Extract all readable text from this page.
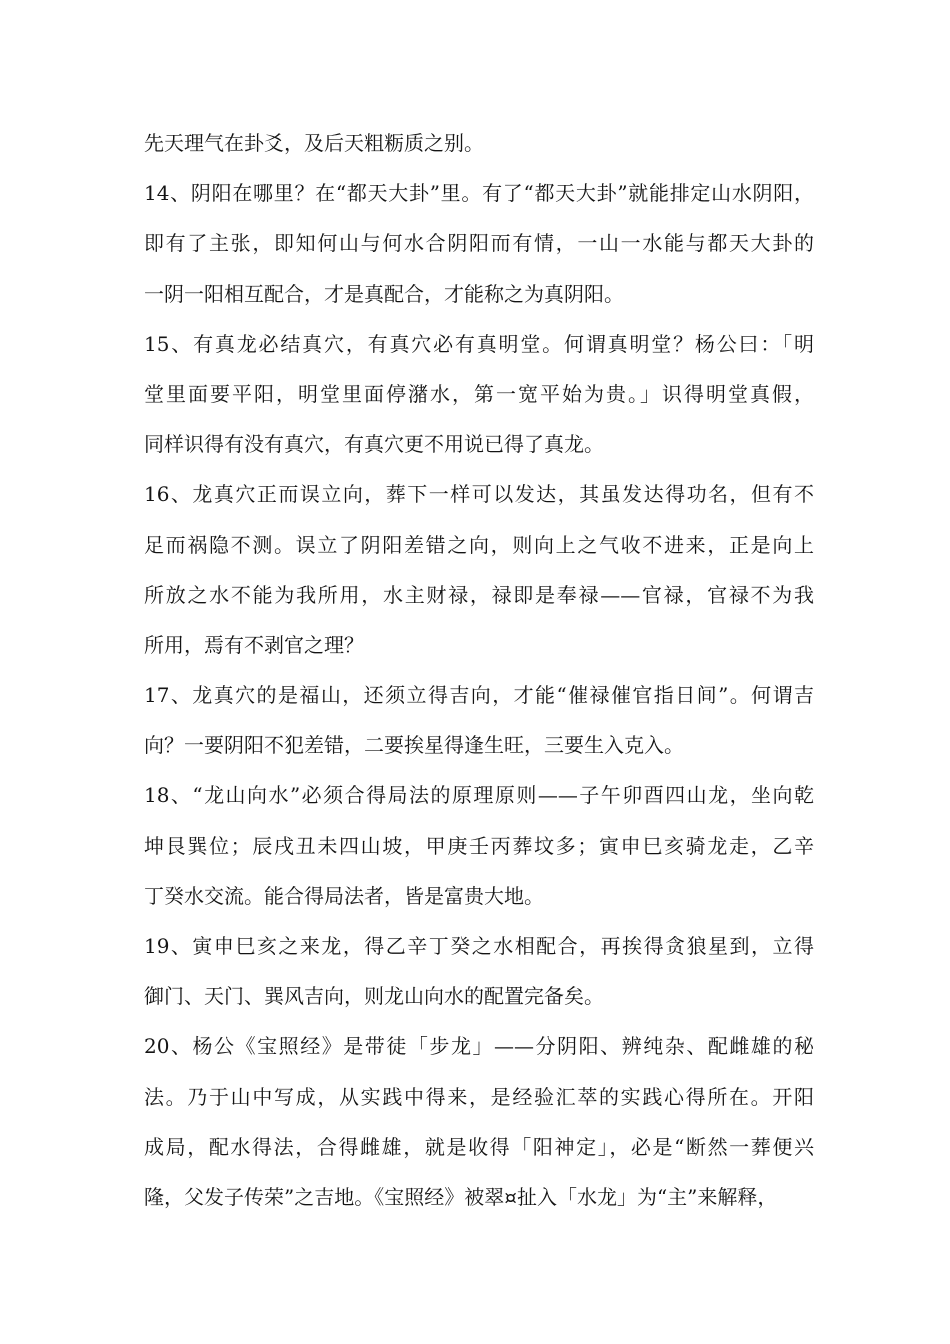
先天理气在卦爻，及后天粗粝质之别。
14、阴阳在哪里？在“都天大卦”里。有了“都天大卦”就能排定山水阴阳，
即有了主张，即知何山与何水合阴阳而有情，一山一水能与都天大卦的
一阴一阳相互配合，才是真配合，才能称之为真阴阳。
15、有真龙必结真穴，有真穴必有真明堂。何谓真明堂？杨公曰：「明
堂里面要平阳，明堂里面停潴水，第一宽平始为贵。」识得明堂真假，
同样识得有没有真穴，有真穴更不用说已得了真龙。
16、龙真穴正而误立向，葬下一样可以发达，其虽发达得功名，但有不
足而祸隐不测。误立了阴阳差错之向，则向上之气收不进来，正是向上
所放之水不能为我所用，水主财禄，禄即是奉禄——官禄，官禄不为我
所用，焉有不剥官之理？
17、龙真穴的是福山，还须立得吉向，才能“催禄催官指日间”。何谓吉
向？一要阴阳不犯差错，二要挨星得逢生旺，三要生入克入。
18、“龙山向水”必须合得局法的原理原则——子午卯酉四山龙，坐向乾
坤艮巽位；辰戌丑未四山坡，甲庚壬丙葬坟多；寅申巳亥骑龙走，乙辛
丁癸水交流。能合得局法者，皆是富贵大地。
19、寅申巳亥之来龙，得乙辛丁癸之水相配合，再挨得贪狼星到，立得
御门、天门、巽风吉向，则龙山向水的配置完备矣。
20、杨公《宝照经》是带徒「步龙」——分阴阳、辨纯杂、配雌雄的秘
法。乃于山中写成，从实践中得来，是经验汇萃的实践心得所在。开阳
成局，配水得法，合得雌雄，就是收得「阳神定」，必是“断然一葬便兴
隆，父发子传荣”之吉地。《宝照经》被翠¤扯入「水龙」为“主”来解释，
